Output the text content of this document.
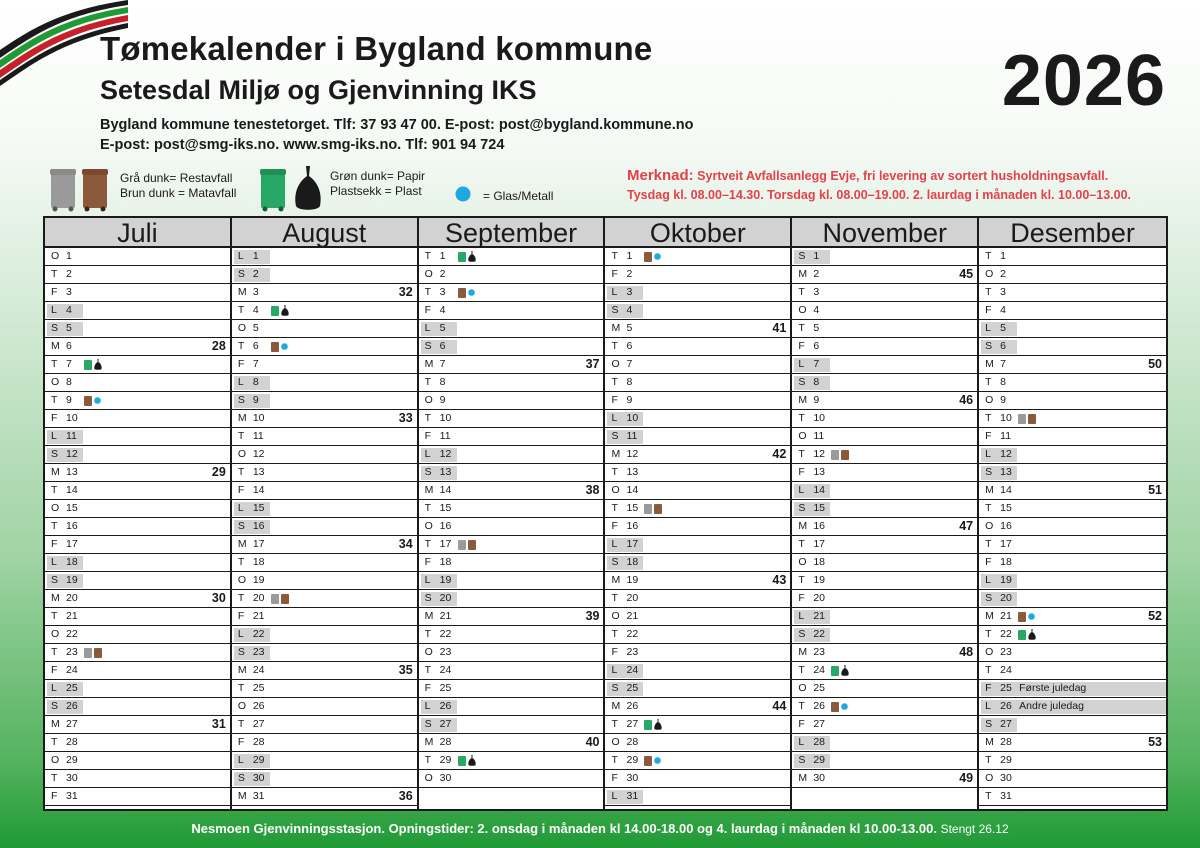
Tømekalender i Bygland kommune
Setesdal Miljø og Gjenvinning IKS
Bygland kommune tenestetorget. Tlf: 37 93 47 00. E-post: post@bygland.kommune.no
E-post: post@smg-iks.no. www.smg-iks.no. Tlf: 901 94 724
2026
Grå dunk= Restavfall
Brun dunk = Matavfall
Grøn dunk= Papir
Plastsekk = Plast	= Glas/Metall
Merknad: Syrtveit Avfallsanlegg Evje, fri levering av sortert husholdningsavfall.
Tysdag kl. 08.00–14.30. Torsdag kl. 08.00–19.00. 2. laurdag i månaden kl. 10.00–13.00.
Juli
O 1
T 2
F 3
L 4
S 5
M 6	28
T 7
O 8
T 9
F 10
L 11
S 12
M 13	29
T 14
O 15
T 16
F 17
L 18
S 19
M 20	30
T 21
O 22
T 23
F 24
L 25
S 26
M 27	31
T 28
O 29
T 30
F 31
August
L 1
S 2
M 3	32
T 4
O 5
T 6
F 7
L 8
S 9
M 10	33
T 11
O 12
T 13
F 14
L 15
S 16
M 17	34
T 18
O 19
T 20
F 21
L 22
S 23
M 24	35
T 25
O 26
T 27
F 28
L 29
S 30
M 31	36
September
T 1
O 2
T 3
F 4
L 5
S 6
M 7	37
T 8
O 9
T 10
F 11
L 12
S 13
M 14	38
T 15
O 16
T 17
F 18
L 19
S 20
M 21	39
T 22
O 23
T 24
F 25
L 26
S 27
M 28	40
T 29
O 30
Oktober
T 1
F 2
L 3
S 4
M 5	41
T 6
O 7
T 8
F 9
L 10
S 11
M 12	42
T 13
O 14
T 15
F 16
L 17
S 18
M 19	43
T 20
O 21
T 22
F 23
L 24
S 25
M 26	44
T 27
O 28
T 29
F 30
L 31
November
S 1
M 2	45
T 3
O 4
T 5
F 6
L 7
S 8
M 9	46
T 10
O 11
T 12
F 13
L 14
S 15
M 16	47
T 17
O 18
T 19
F 20
L 21
S 22
M 23	48
T 24
O 25
T 26
F 27
L 28
S 29
M 30	49
Desember
T 1
O 2
T 3
F 4
L 5
S 6
M 7	50
T 8
O 9
T 10
F 11
L 12
S 13
M 14	51
T 15
O 16
T 17
F 18
L 19
S 20
M 21	52
T 22
O 23
T 24
F 25 Første juledag
L 26 Andre juledag
S 27
M 28	53
T 29
O 30
T 31
Nesmoen Gjenvinningsstasjon. Opningstider: 2. onsdag i månaden kl 14.00-18.00 og 4. laurdag i månaden kl 10.00-13.00. Stengt 26.12
